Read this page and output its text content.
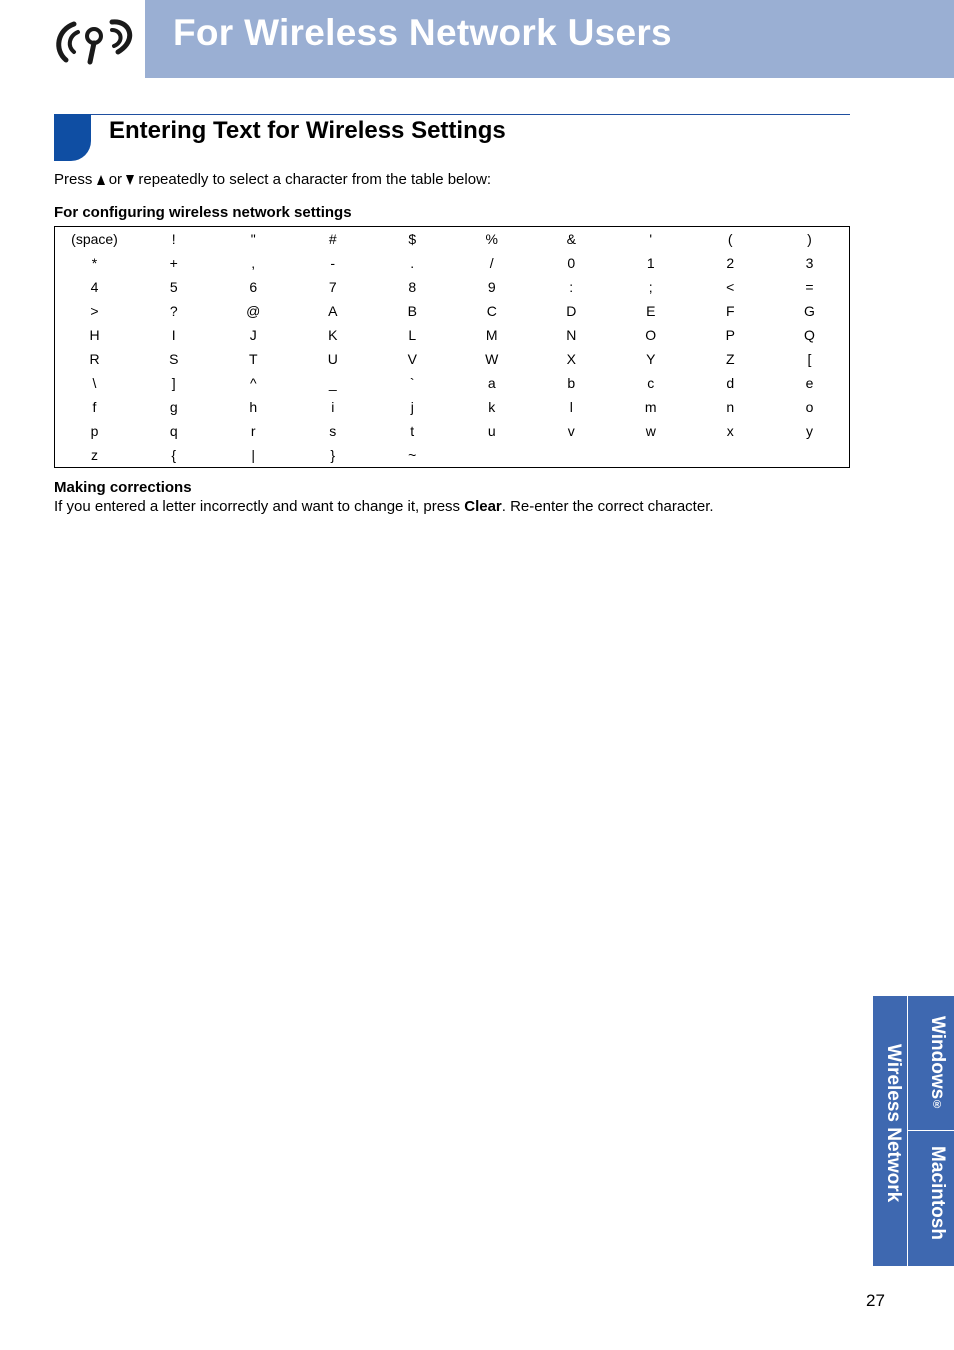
For Wireless Network Users
Entering Text for Wireless Settings
Press or repeatedly to select a character from the table below:
For configuring wireless network settings
(space)	!	"	#	$	%	&	'	(	)
*	+	,	-	.	/	0	1	2	3
4	5	6	7	8	9	:	;	<	=
>	?	@	A	B	C	D	E	F	G
H	I	J	K	L	M	N	O	P	Q
R	S	T	U	V	W	X	Y	Z	[
\	]	^	_	`	a	b	c	d	e
f	g	h	i	j	k	l	m	n	o
p	q	r	s	t	u	v	w	x	y
z	{	|	}	~					
Making corrections
If you entered a letter incorrectly and want to change it, press Clear. Re-enter the correct character.
Wireless Network	Windows®
Macintosh
27
